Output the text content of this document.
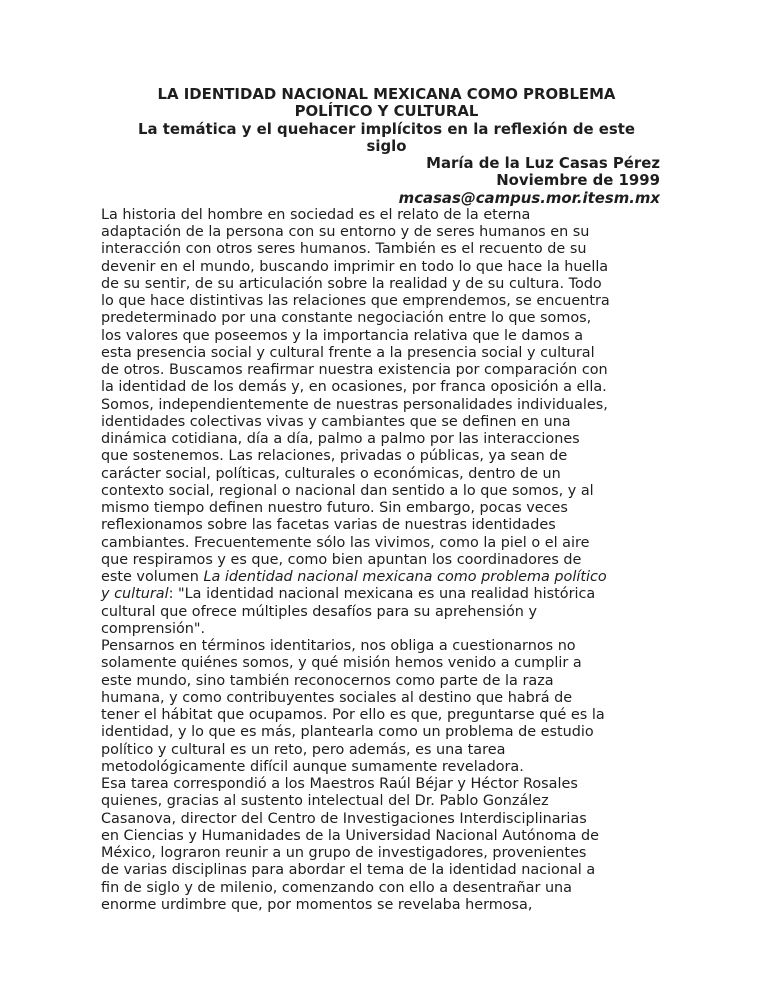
LA IDENTIDAD NACIONAL MEXICANA COMO PROBLEMA
POLÍTICO Y CULTURAL
La temática y el quehacer implícitos en la reflexión de este
siglo
María de la Luz Casas Pérez
Noviembre de 1999
mcasas@campus.mor.itesm.mx
La historia del hombre en sociedad es el relato de la eterna
adaptación de la persona con su entorno y de seres humanos en su
interacción con otros seres humanos. También es el recuento de su
devenir en el mundo, buscando imprimir en todo lo que hace la huella
de su sentir, de su articulación sobre la realidad y de su cultura. Todo
lo que hace distintivas las relaciones que emprendemos, se encuentra
predeterminado por una constante negociación entre lo que somos,
los valores que poseemos y la importancia relativa que le damos a
esta presencia social y cultural frente a la presencia social y cultural
de otros. Buscamos reafirmar nuestra existencia por comparación con
la identidad de los demás y, en ocasiones, por franca oposición a ella.
Somos, independientemente de nuestras personalidades individuales,
identidades colectivas vivas y cambiantes que se definen en una
dinámica cotidiana, día a día, palmo a palmo por las interacciones
que sostenemos. Las relaciones, privadas o públicas, ya sean de
carácter social, políticas, culturales o económicas, dentro de un
contexto social, regional o nacional dan sentido a lo que somos, y al
mismo tiempo definen nuestro futuro. Sin embargo, pocas veces
reflexionamos sobre las facetas varias de nuestras identidades
cambiantes. Frecuentemente sólo las vivimos, como la piel o el aire
que respiramos y es que, como bien apuntan los coordinadores de
este volumen La identidad nacional mexicana como problema político
y cultural: "La identidad nacional mexicana es una realidad histórica
cultural que ofrece múltiples desafíos para su aprehensión y
comprensión".
Pensarnos en términos identitarios, nos obliga a cuestionarnos no
solamente quiénes somos, y qué misión hemos venido a cumplir a
este mundo, sino también reconocernos como parte de la raza
humana, y como contribuyentes sociales al destino que habrá de
tener el hábitat que ocupamos. Por ello es que, preguntarse qué es la
identidad, y lo que es más, plantearla como un problema de estudio
político y cultural es un reto, pero además, es una tarea
metodológicamente difícil aunque sumamente reveladora.
Esa tarea correspondió a los Maestros Raúl Béjar y Héctor Rosales
quienes, gracias al sustento intelectual del Dr. Pablo González
Casanova, director del Centro de Investigaciones Interdisciplinarias
en Ciencias y Humanidades de la Universidad Nacional Autónoma de
México, lograron reunir a un grupo de investigadores, provenientes
de varias disciplinas para abordar el tema de la identidad nacional a
fin de siglo y de milenio, comenzando con ello a desentrañar una
enorme urdimbre que, por momentos se revelaba hermosa,
